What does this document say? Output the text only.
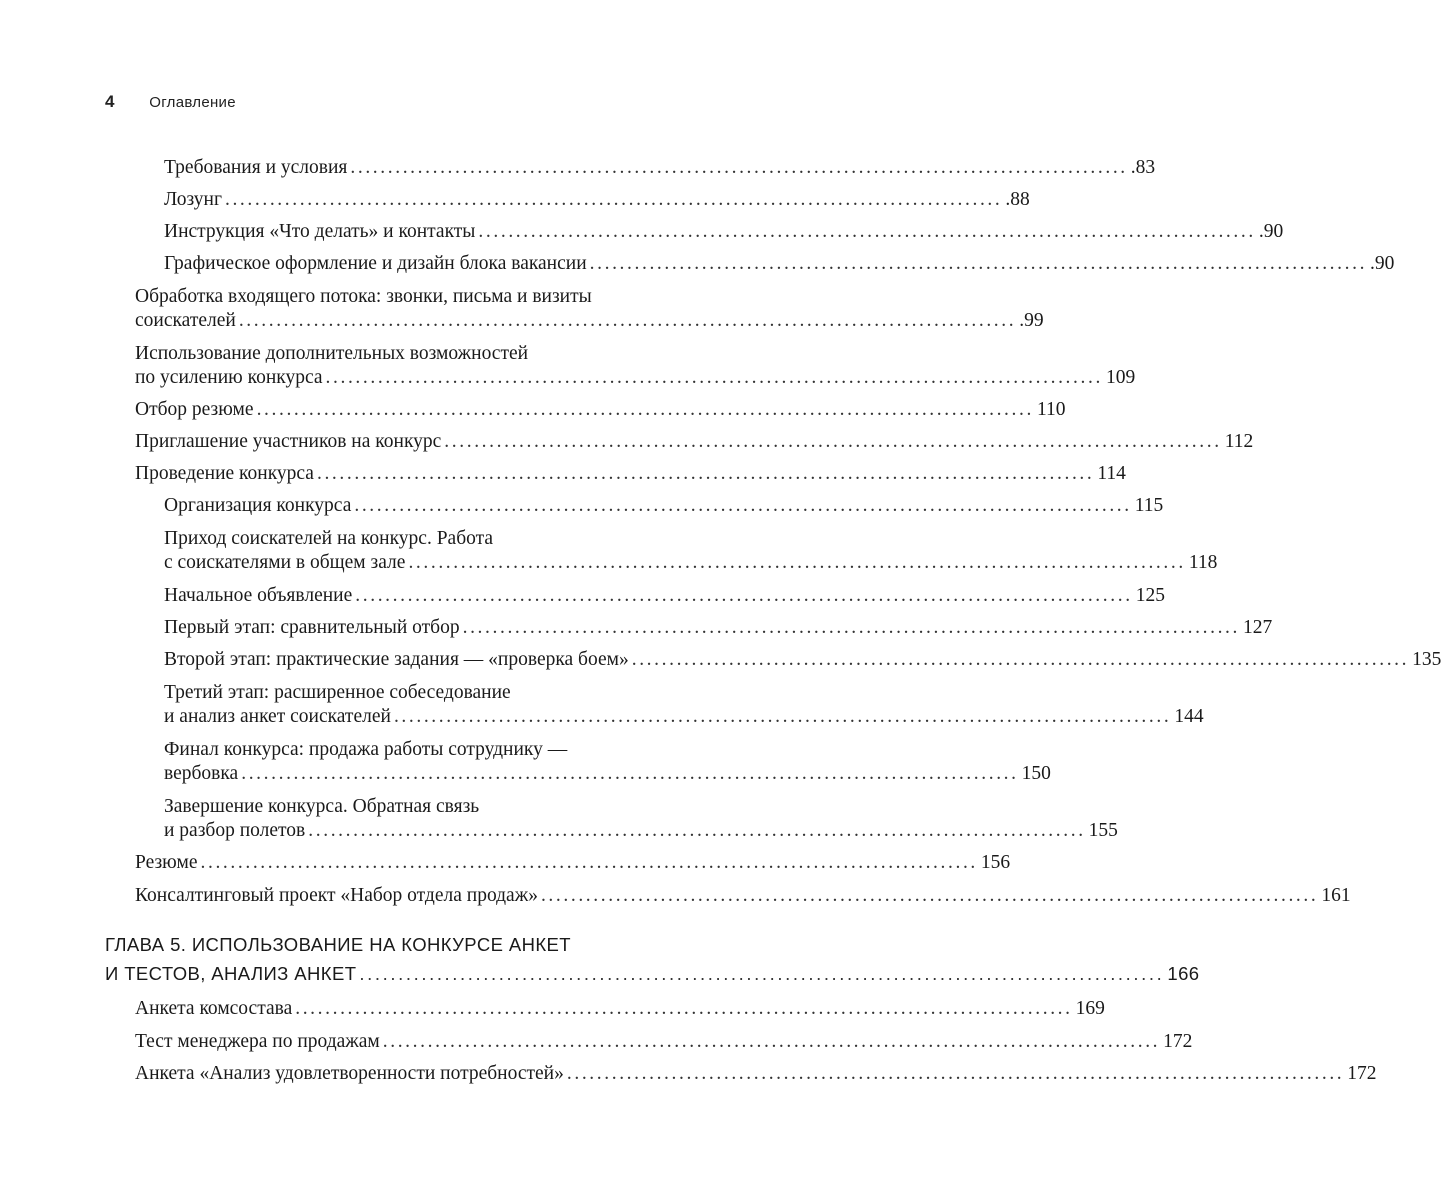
4 Оглавление
Требования и условия ........................................................................................................ .83
Лозунг ........................................................................................................ .88
Инструкция «Что делать» и контакты ........................................................................................................ .90
Графическое оформление и дизайн блока вакансии ........................................................................................................ .90
Обработка входящего потока: звонки, письма и визиты
соискателей ........................................................................................................ .99
Использование дополнительных возможностей
по усилению конкурса ........................................................................................................ 109
Отбор резюме ........................................................................................................ 110
Приглашение участников на конкурс ........................................................................................................ 112
Проведение конкурса ........................................................................................................ 114
Организация конкурса ........................................................................................................ 115
Приход соискателей на конкурс. Работа
с соискателями в общем зале ........................................................................................................ 118
Начальное объявление ........................................................................................................ 125
Первый этап: сравнительный отбор ........................................................................................................ 127
Второй этап: практические задания — «проверка боем» ........................................................................................................ 135
Третий этап: расширенное собеседование
и анализ анкет соискателей ........................................................................................................ 144
Финал конкурса: продажа работы сотруднику —
вербовка ........................................................................................................ 150
Завершение конкурса. Обратная связь
и разбор полетов ........................................................................................................ 155
Резюме ........................................................................................................ 156
Консалтинговый проект «Набор отдела продаж» ........................................................................................................ 161
ГЛАВА 5. ИСПОЛЬЗОВАНИЕ НА КОНКУРСЕ АНКЕТ
И ТЕСТОВ, АНАЛИЗ АНКЕТ ........................................................................................................ 166
Анкета комсостава ........................................................................................................ 169
Тест менеджера по продажам ........................................................................................................ 172
Анкета «Анализ удовлетворенности потребностей» ........................................................................................................ 172
